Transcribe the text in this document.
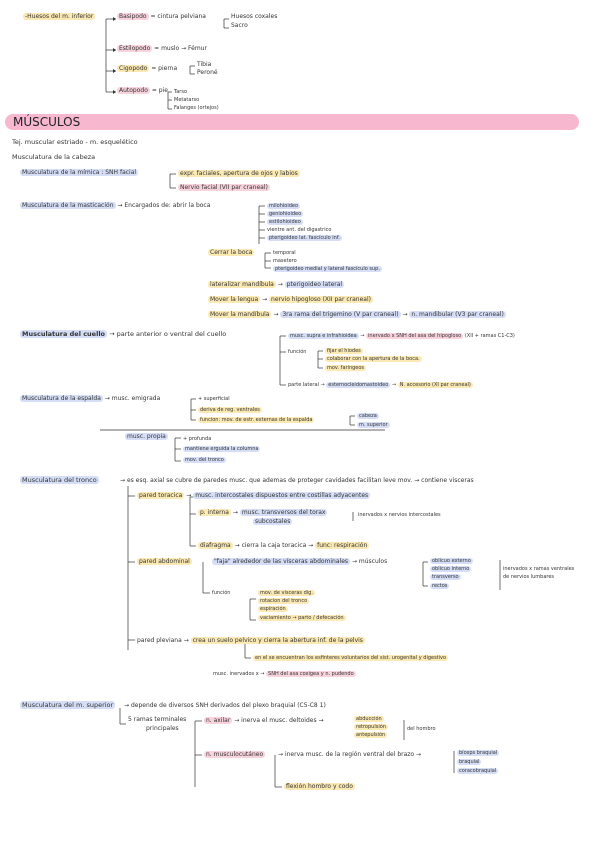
-Huesos del m. inferior	Basipodo = cintura pelviana	Huesos coxales
Sacro
Estilopodo = muslo → Fémur
Cigopodo = pierna
Tibia
Peroné
Autopodo = pie Tarso
Metatarso
Falanges (ortejos)
MÚSCULOS
Tej. muscular estriado - m. esquelético
Musculatura de la cabeza
Musculatura de la mímica : SNH facial	expr. faciales, apertura de ojos y labios
Nervio facial (VII par craneal)
Musculatura de la masticación → Encargados de: abrir la boca	milohioideo
geniohioideo
estilohioideo
vientre ant. del digastrico
pterigoideo lat. fascículo inf.
Cerrar la boca	temporal
masetero
pterigoideo medial y lateral fascículo sup.
lateralizar mandíbula → pterigoideo lateral
Mover la lengua → nervio hipogloso (XII par craneal)
Mover la mandíbula → 3ra rama del trigemino (V par craneal) → n. mandibular (V3 par craneal)
Musculatura del cuello → parte anterior o ventral del cuello	musc. supra e infrahioidea → inervado x SNH del asa del hipogloso (XII + ramas C1-C3)
función	fijar el hiodes
colaborar con la apertura de la boca.
mov. faringeos
parte lateral → esternocleidomastoideo → N. accesorio (XI par craneal)
Musculatura de la espalda → musc. emigrada	+ superficial
deriva de reg. ventrales
funcion: mov. de estr. externas de la espalda
cabeza
m. superior
musc. propia	+ profunda
mantiene erguida la columna
mov. del tronco
Musculatura del tronco	→ es esq. axial se cubre de paredes musc. que ademas de proteger cavidades facilitan leve mov. → contiene visceras
pared toracica → musc. intercostales dispuestos entre costillas adyacentes
p. interna → musc. transversos del torax
subcostales
inervados x nervios intercostales
diafragma → cierra la caja toracica → func: respiración
pared abdominal	"faja" alrededor de las vísceras abdominales → músculos	oblicuo externo
oblicuo interno
transverso
rectos
inervados x ramas ventrales
de nervios lumbares
función	mov. de visceras dig.
rotacion del tronco
espiración
vaciamiento → parto / defecación
pared pleviana → crea un suelo pelvico y cierra la abertura inf. de la pelvis
en el se encuentran los esfinteres voluntarios del sist. urogenital y digestivo
musc. inervados x → SNH del asa coxigea y n. pudendo
Musculatura del m. superior	→ depende de diversos SNH derivados del plexo braquial (C5-C8 1)
5 ramas terminales
principales
n. axilar → inerva el musc. deltoides →	abducción
retropulsión
antepulsión
del hombro
n. musculocutáneo	→ inerva musc. de la región ventral del brazo →	bíceps braquial
braquial
coracobraquial
flexión hombro y codo
